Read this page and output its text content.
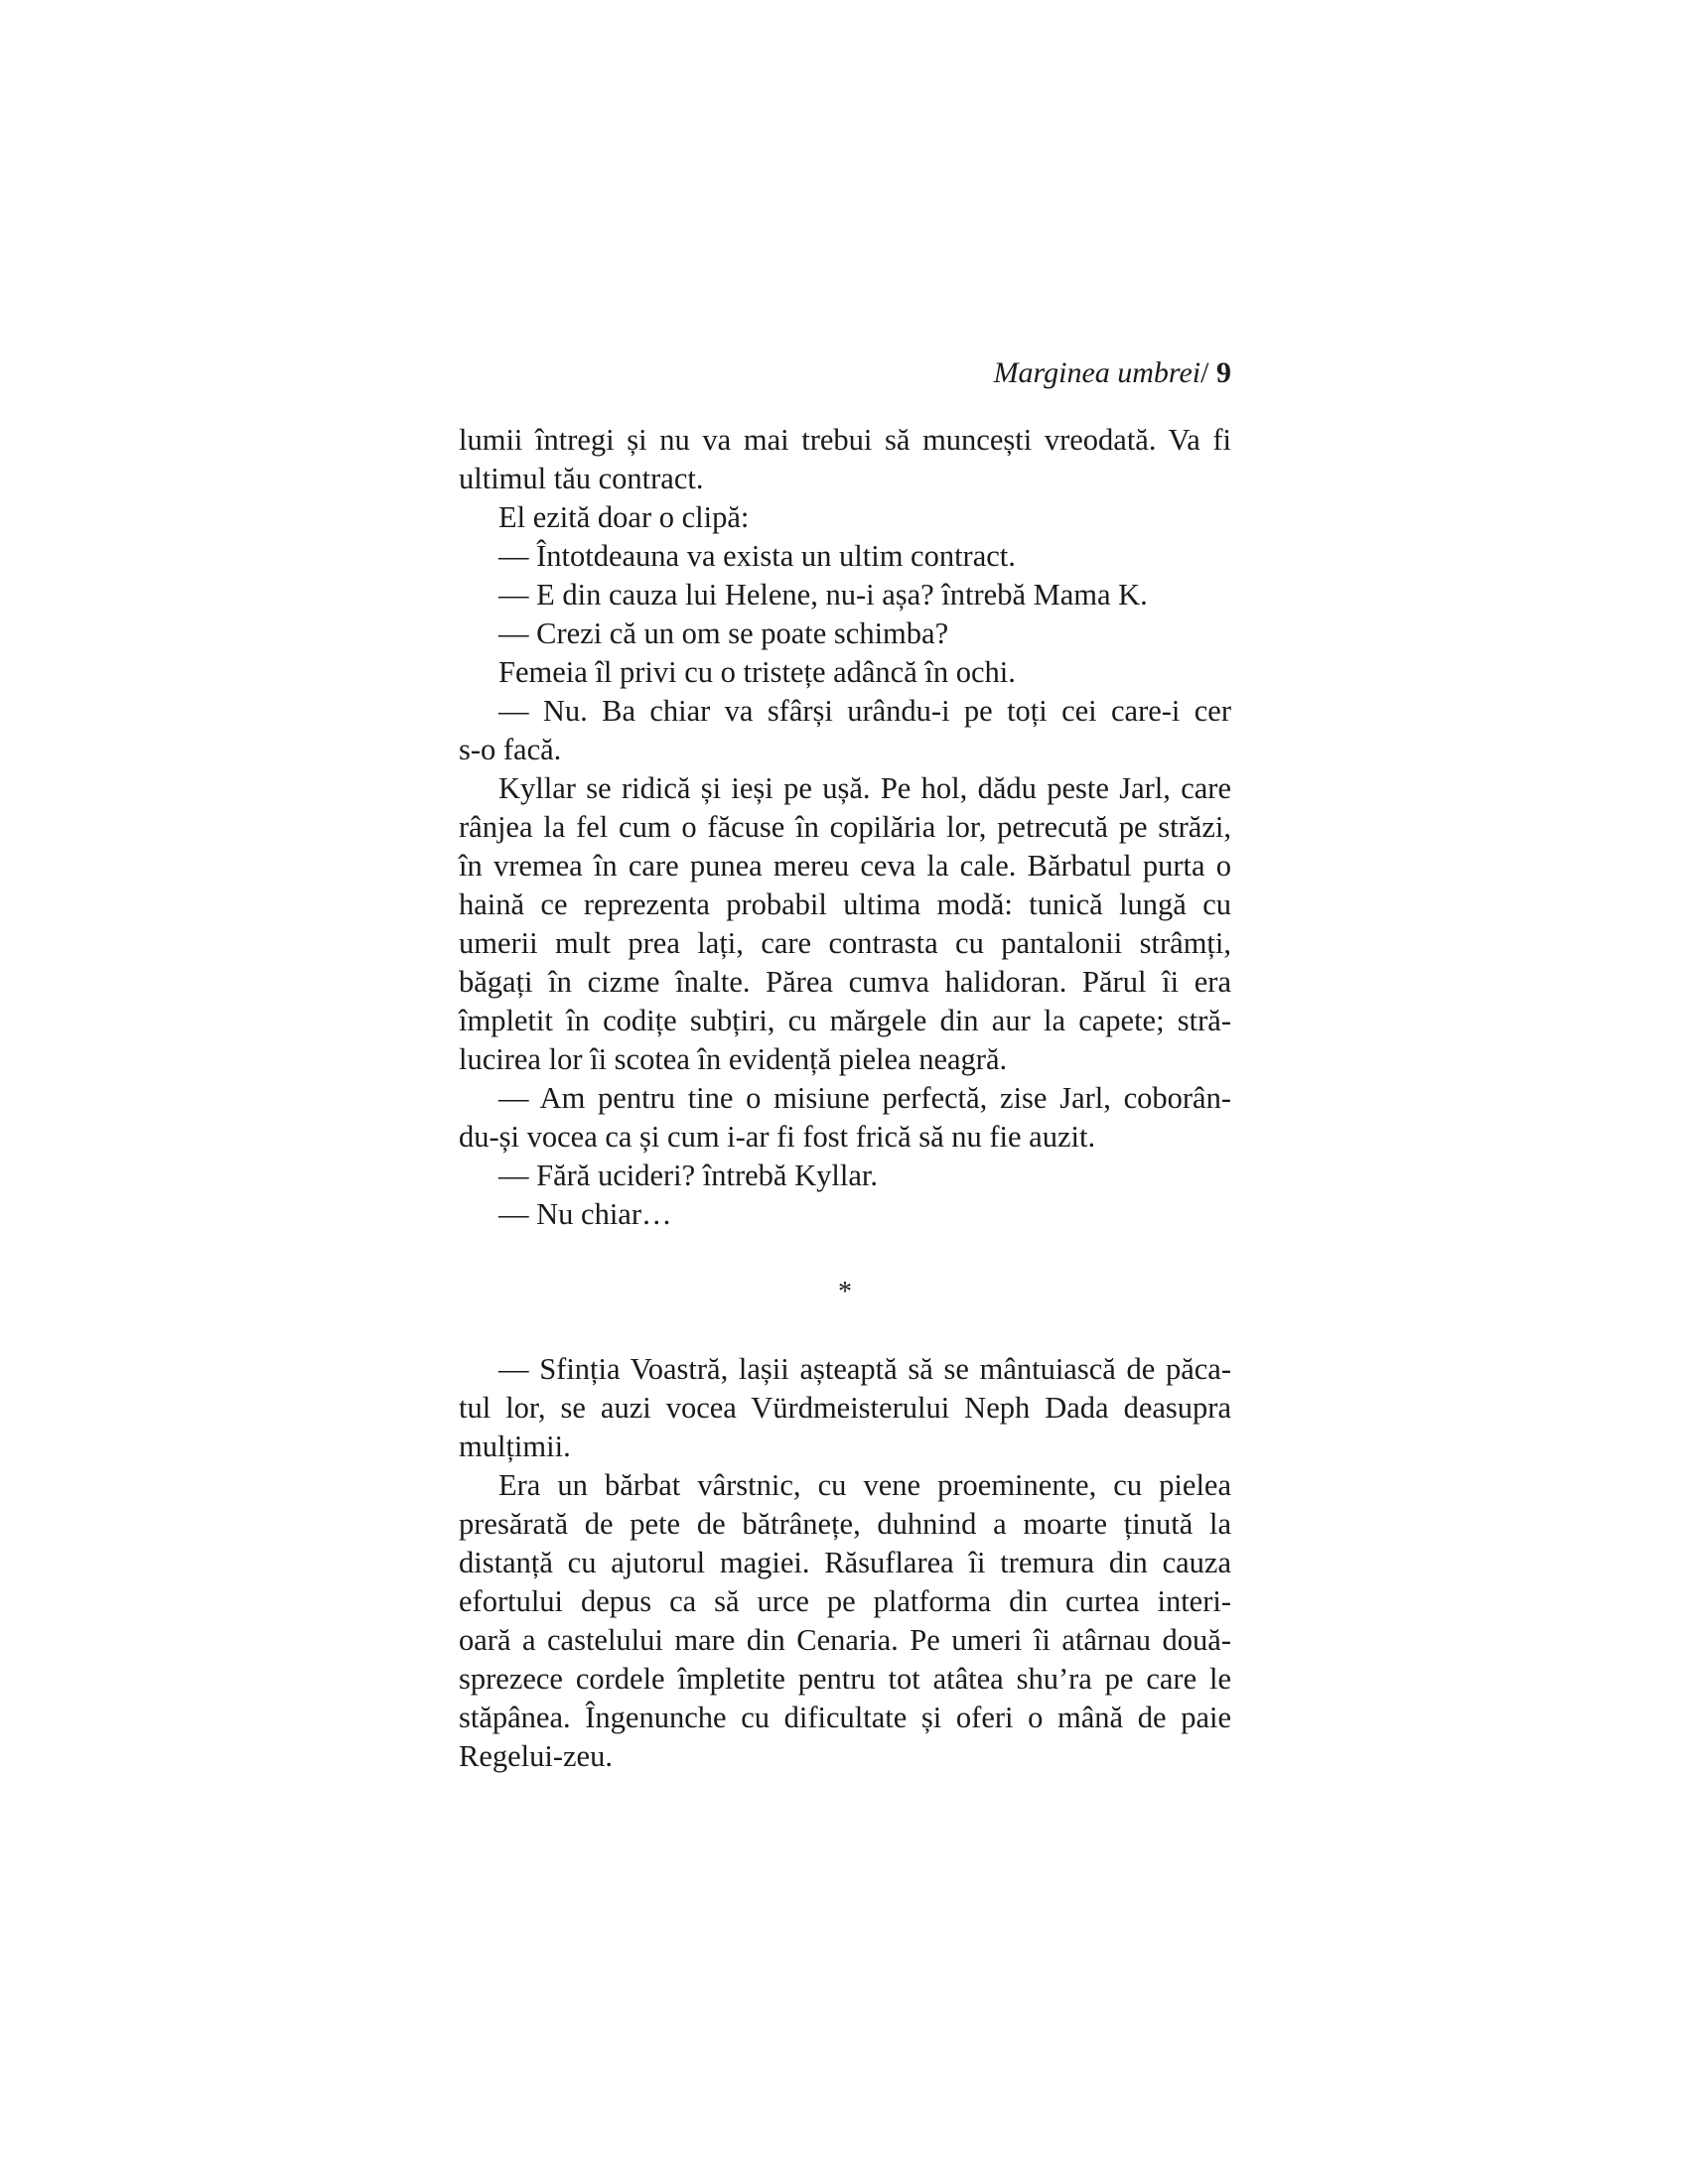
Marginea umbrei/ 9
lumii întregi și nu va mai trebui să muncești vreodată. Va fi
ultimul tău contract.
El ezită doar o clipă:
— Întotdeauna va exista un ultim contract.
— E din cauza lui Helene, nu-i așa? întrebă Mama K.
— Crezi că un om se poate schimba?
Femeia îl privi cu o tristețe adâncă în ochi.
— Nu. Ba chiar va sfârși urându-i pe toți cei care-i cer
s-o facă.
Kyllar se ridică și ieși pe ușă. Pe hol, dădu peste Jarl, care
rânjea la fel cum o făcuse în copilăria lor, petrecută pe străzi,
în vremea în care punea mereu ceva la cale. Bărbatul purta o
haină ce reprezenta probabil ultima modă: tunică lungă cu
umerii mult prea lați, care contrasta cu pantalonii strâmți,
băgați în cizme înalte. Părea cumva halidoran. Părul îi era
împletit în codițe subțiri, cu mărgele din aur la capete; stră-
lucirea lor îi scotea în evidență pielea neagră.
— Am pentru tine o misiune perfectă, zise Jarl, coborân-
du-și vocea ca și cum i-ar fi fost frică să nu fie auzit.
— Fără ucideri? întrebă Kyllar.
— Nu chiar…
*
— Sfinția Voastră, lașii așteaptă să se mântuiască de păca-
tul lor, se auzi vocea Vürdmeisterului Neph Dada deasupra
mulțimii.
Era un bărbat vârstnic, cu vene proeminente, cu pielea
presărată de pete de bătrânețe, duhnind a moarte ținută la
distanță cu ajutorul magiei. Răsuflarea îi tremura din cauza
efortului depus ca să urce pe platforma din curtea interi-
oară a castelului mare din Cenaria. Pe umeri îi atârnau două-
sprezece cordele împletite pentru tot atâtea shu’ra pe care le
stăpânea. Îngenunche cu dificultate și oferi o mână de paie
Regelui-zeu.
